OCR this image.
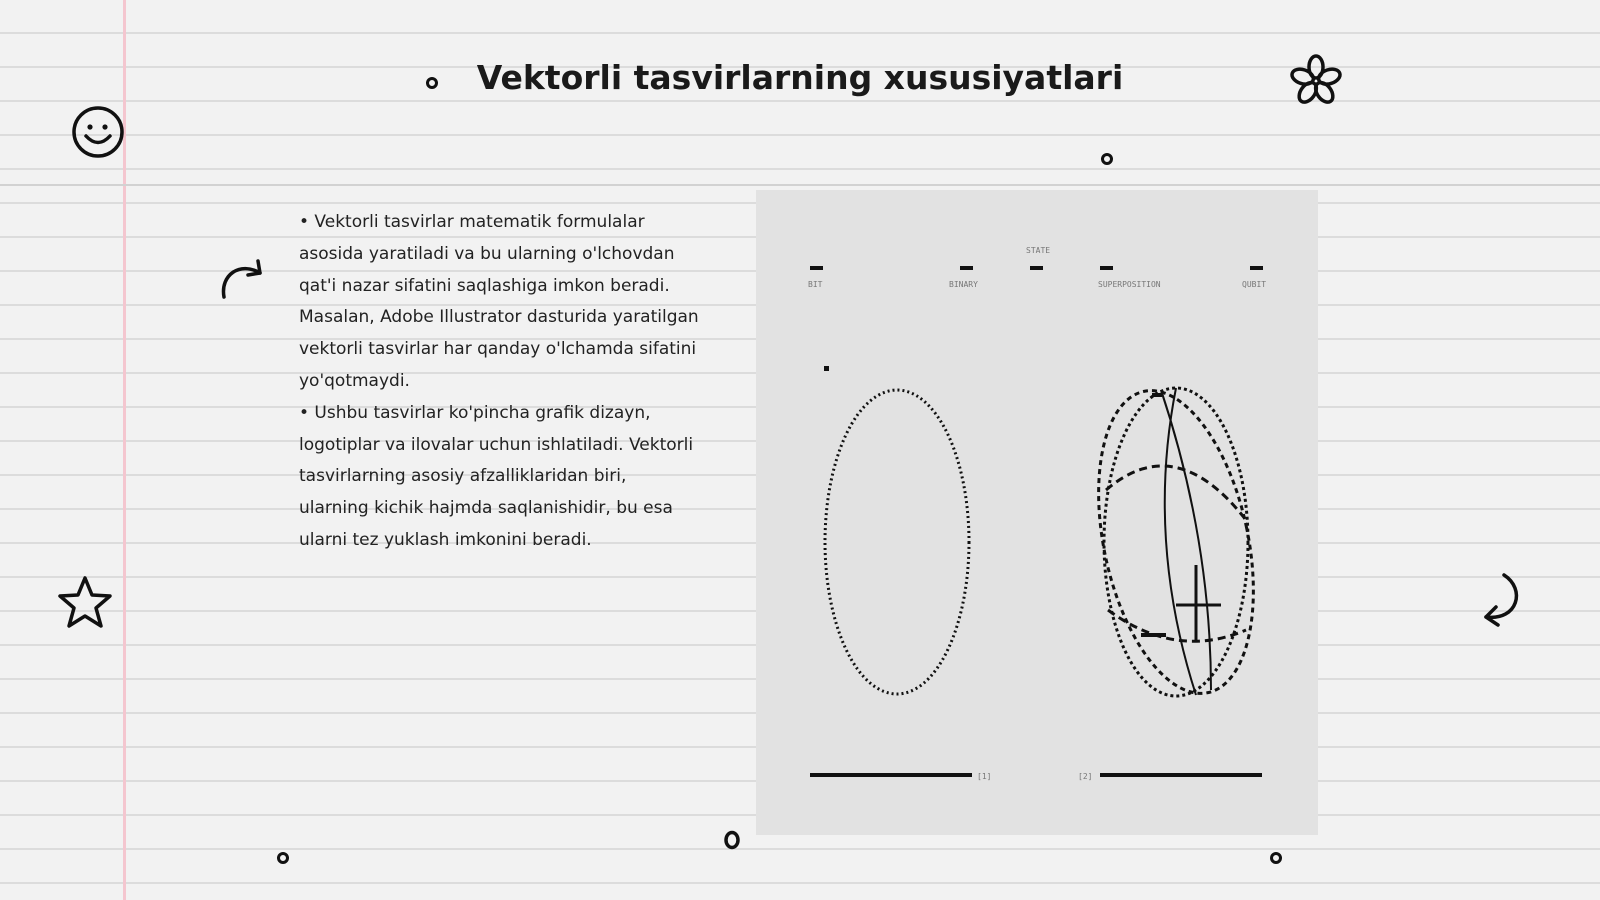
Vektorli tasvirlarning xususiyatlari

• Vektorli tasvirlar matematik formulalar asosida yaratiladi va bu ularning o'lchovdan qat'i nazar sifatini saqlashiga imkon beradi. Masalan, Adobe Illustrator dasturida yaratilgan vektorli tasvirlar har qanday o'lchamda sifatini yo'qotmaydi.

• Ushbu tasvirlar ko'pincha grafik dizayn, logotiplar va ilovalar uchun ishlatiladi. Vektorli tasvirlarning asosiy afzalliklaridan biri, ularning kichik hajmda saqlanishidir, bu esa ularni tez yuklash imkonini beradi.

BIT	BINARY
STATE
SUPERPOSITION	QUBIT
[1]	[2]
